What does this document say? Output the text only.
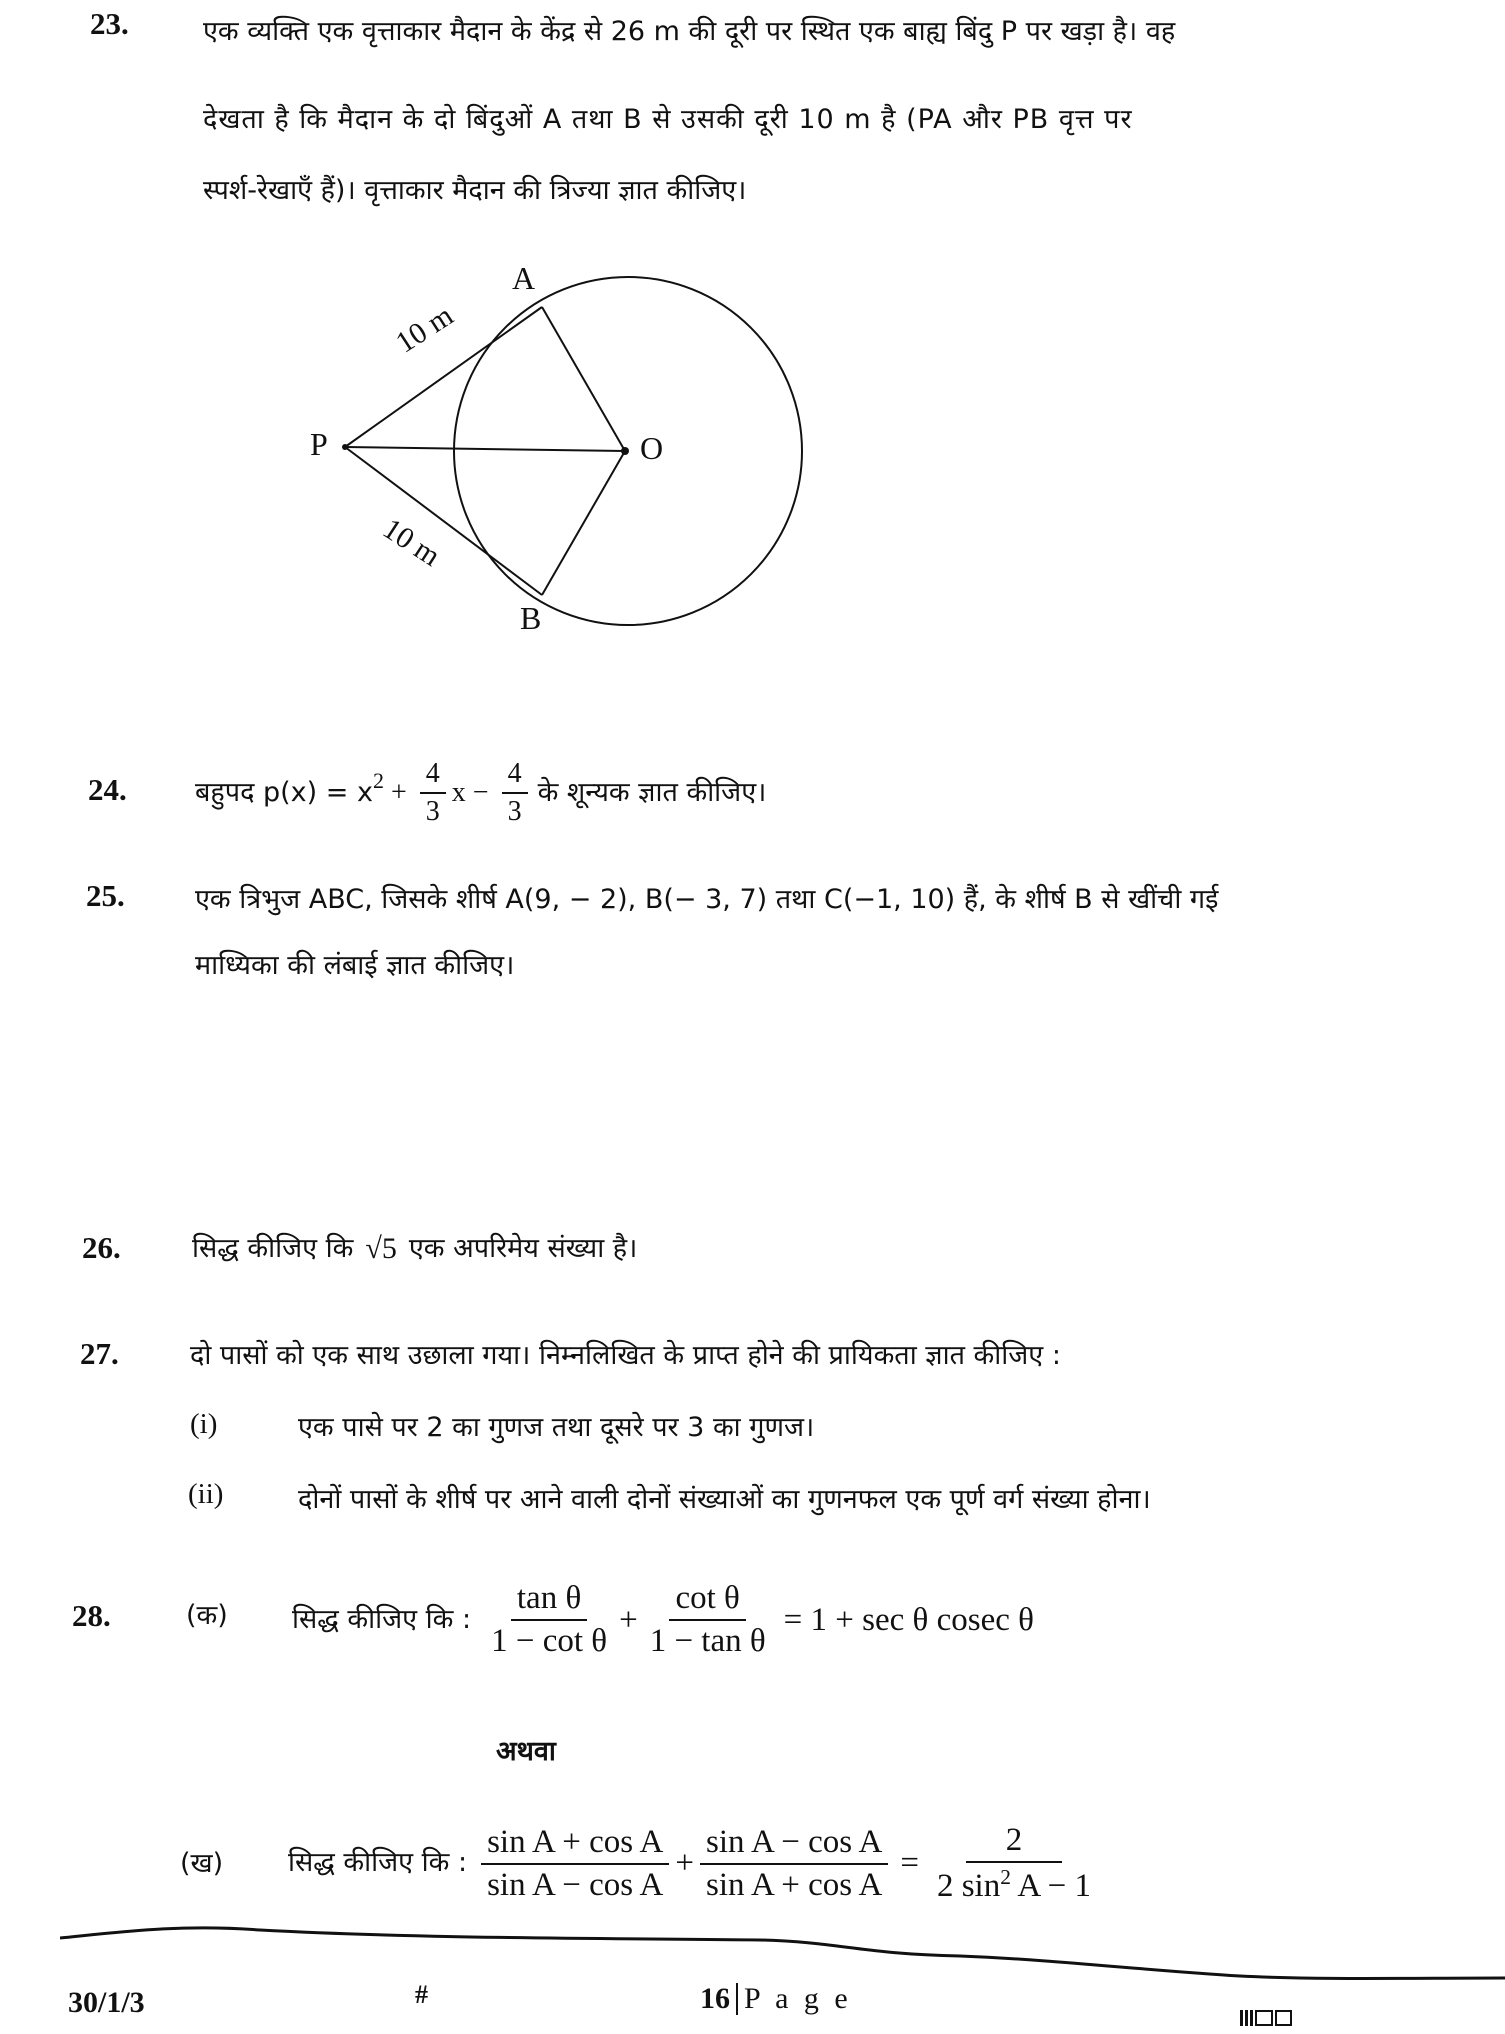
23.	एक व्यक्ति एक वृत्ताकार मैदान के केंद्र से 26 m की दूरी पर स्थित एक बाह्य बिंदु P पर खड़ा है। वह
देखता है कि मैदान के दो बिंदुओं A तथा B से उसकी दूरी 10 m है (PA और PB वृत्त पर
स्पर्श-रेखाएँ हैं)। वृत्ताकार मैदान की त्रिज्या ज्ञात कीजिए।
A
P	O
B
10 m
10 m
24.	बहुपद $p(x) = x^2 + \frac{4}{3}$ $x - \frac{4}{3}$ के शून्यक ज्ञात कीजिए।
25.	एक त्रिभुज ABC, जिसके शीर्ष A(9, − 2), B(− 3, 7) तथा C(−1, 10) हैं, के शीर्ष B से खींची गई
माध्यिका की लंबाई ज्ञात कीजिए।
26.	सिद्ध कीजिए कि √5 एक अपरिमेय संख्या है।
27.	दो पासों को एक साथ उछाला गया। निम्नलिखित के प्राप्त होने की प्रायिकता ज्ञात कीजिए :
(i)	एक पासे पर 2 का गुणज तथा दूसरे पर 3 का गुणज।
(ii)	दोनों पासों के शीर्ष पर आने वाली दोनों संख्याओं का गुणनफल एक पूर्ण वर्ग संख्या होना।
28.	(क) सिद्ध कीजिए कि : $\frac{\text{tan θ}}{\text{1 − cot θ}} + \frac{\text{cot θ}}{\text{1 − tan θ}} = 1 + \sec \theta$ cosec θ
अथवा
(ख) सिद्ध कीजिए कि : $\frac{\text{sin A + cos A}}{\text{sin A − cos A}} + \frac{\text{sin A − cos A}}{\text{sin A + cos A}} = \frac{2}{2 \sin^2 A - 1}$
30/1/3	#	16 P a g e
